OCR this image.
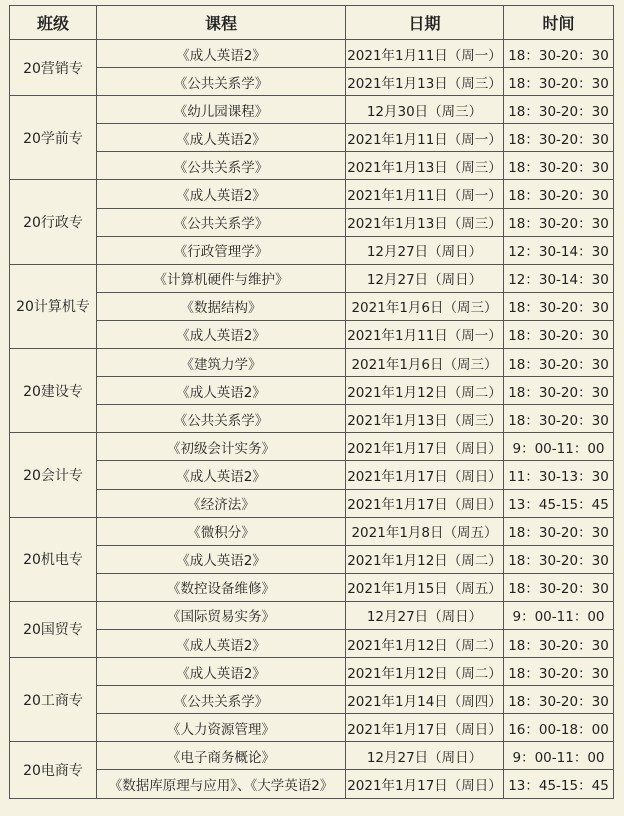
班级	课程	日期	时间
20营销专	《成人英语2》	2021年1月11日（周一）	18：30-20：30
	《公共关系学》	2021年1月13日（周三）	18：30-20：30
20学前专	《幼儿园课程》	12月30日（周三）	18：30-20：30
	《成人英语2》	2021年1月11日（周一）	18：30-20：30
	《公共关系学》	2021年1月13日（周三）	18：30-20：30
20行政专	《成人英语2》	2021年1月11日（周一）	18：30-20：30
	《公共关系学》	2021年1月13日（周三）	18：30-20：30
	《行政管理学》	12月27日（周日）	12：30-14：30
20计算机专	《计算机硬件与维护》	12月27日（周日）	12：30-14：30
	《数据结构》	2021年1月6日（周三）	18：30-20：30
	《成人英语2》	2021年1月11日（周一）	18：30-20：30
20建设专	《建筑力学》	2021年1月6日（周三）	18：30-20：30
	《成人英语2》	2021年1月12日（周二）	18：30-20：30
	《公共关系学》	2021年1月13日（周三）	18：30-20：30
20会计专	《初级会计实务》	2021年1月17日（周日）	9：00-11：00
	《成人英语2》	2021年1月17日（周日）	11：30-13：30
	《经济法》	2021年1月17日（周日）	13：45-15：45
20机电专	《微积分》	2021年1月8日（周五）	18：30-20：30
	《成人英语2》	2021年1月12日（周二）	18：30-20：30
	《数控设备维修》	2021年1月15日（周五）	18：30-20：30
20国贸专	《国际贸易实务》	12月27日（周日）	9：00-11：00
	《成人英语2》	2021年1月12日（周二）	18：30-20：30
20工商专	《成人英语2》	2021年1月12日（周二）	18：30-20：30
	《公共关系学》	2021年1月14日（周四）	18：30-20：30
	《人力资源管理》	2021年1月17日（周日）	16：00-18：00
20电商专	《电子商务概论》	12月27日（周日）	9：00-11：00
	《数据库原理与应用》、《大学英语2》	2021年1月17日（周日）	13：45-15：45
